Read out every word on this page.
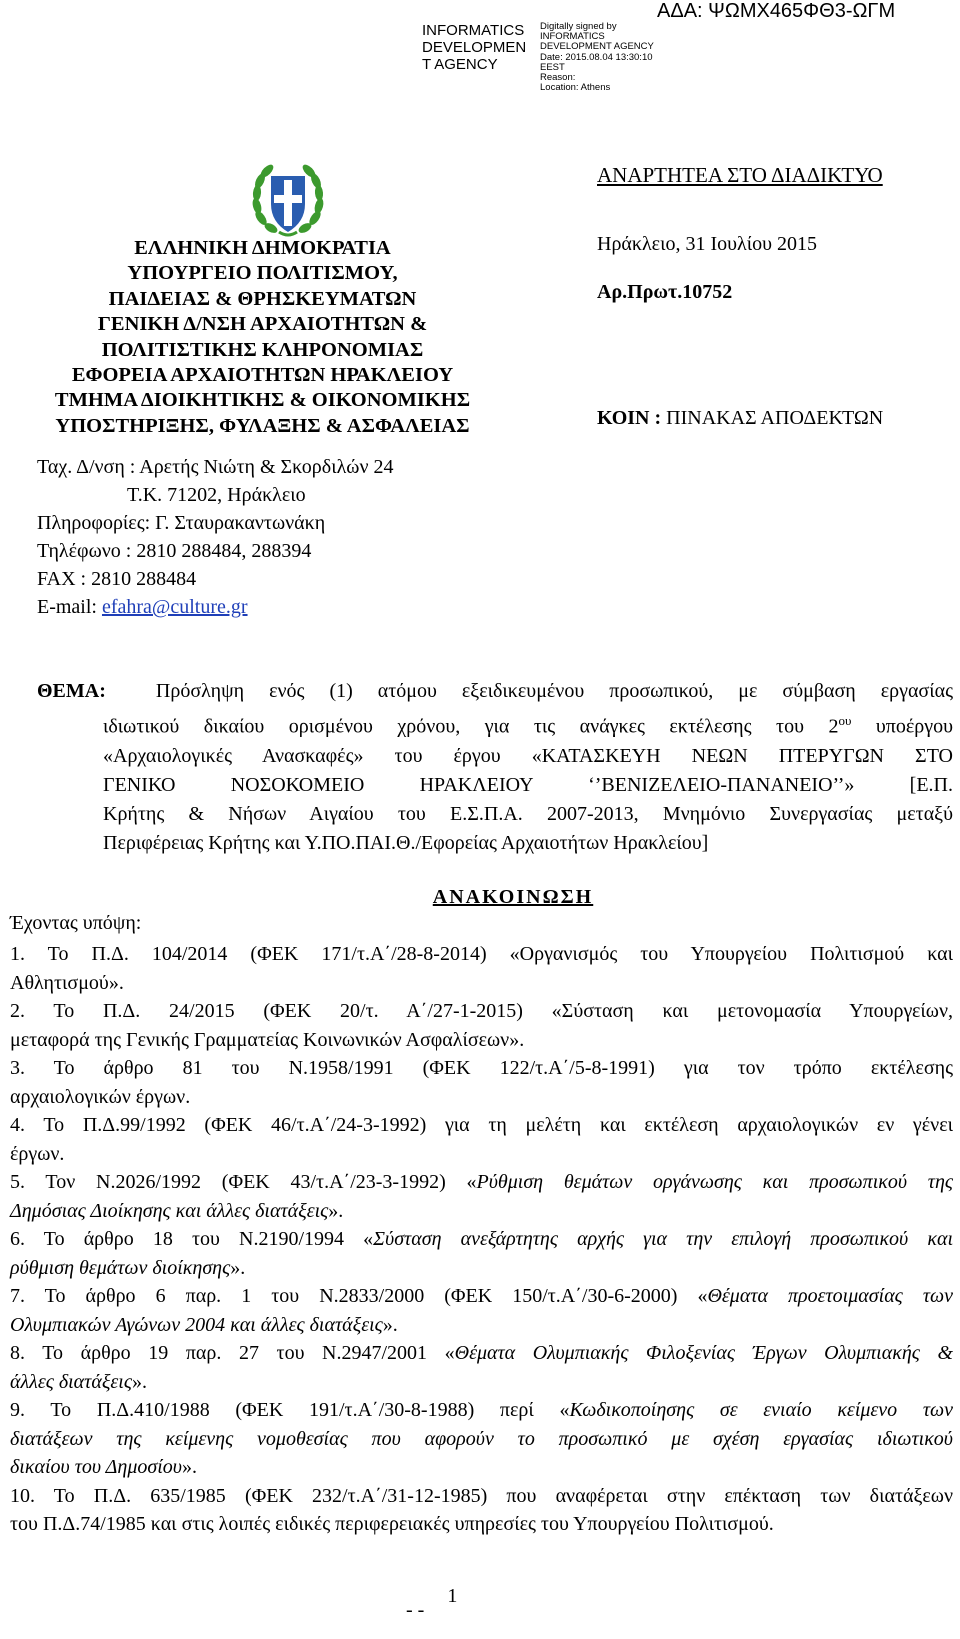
INFORMATICS
DEVELOPMEN
T AGENCY
Digitally signed by
INFORMATICS
DEVELOPMENT AGENCY
Date: 2015.08.04 13:30:10
EEST
Reason:
Location: Athens
ΑΔΑ: ΨΩΜΧ465ΦΘ3-ΩΓΜ
ΕΛΛΗΝΙΚΗ ΔΗΜΟΚΡΑΤΙΑ
ΥΠΟΥΡΓΕΙΟ ΠΟΛΙΤΙΣΜΟΥ,
ΠΑΙΔΕΙΑΣ & ΘΡΗΣΚΕΥΜΑΤΩΝ
ΓΕΝΙΚΗ Δ/ΝΣΗ ΑΡΧΑΙΟΤΗΤΩΝ &
ΠΟΛΙΤΙΣΤΙΚΗΣ ΚΛΗΡΟΝΟΜΙΑΣ
ΕΦΟΡΕΙΑ ΑΡΧΑΙΟΤΗΤΩΝ ΗΡΑΚΛΕΙΟΥ
ΤΜΗΜΑ ΔΙΟΙΚΗΤΙΚΗΣ & ΟΙΚΟΝΟΜΙΚΗΣ
ΥΠΟΣΤΗΡΙΞΗΣ, ΦΥΛΑΞΗΣ & ΑΣΦΑΛΕΙΑΣ
Ταχ. Δ/νση : Αρετής Νιώτη & Σκορδιλών 24
Τ.Κ. 71202, Ηράκλειο
Πληροφορίες: Γ. Σταυρακαντωνάκη
Τηλέφωνο : 2810 288484, 288394
FAX : 2810 288484
E-mail: efahra@culture.gr
ΑΝΑΡΤΗΤΕΑ ΣΤΟ ΔΙΑΔΙΚΤΥΟ
Ηράκλειο, 31 Ιουλίου 2015
Αρ.Πρωτ.10752
ΚΟΙΝ : ΠΙΝΑΚΑΣ ΑΠΟΔΕΚΤΩΝ
ΘΕΜΑ:	Πρόσληψη ενός (1) ατόμου εξειδικευμένου προσωπικού, με σύμβαση εργασίας
ιδιωτικού δικαίου ορισμένου χρόνου, για τις ανάγκες εκτέλεσης του $2^{o\upsilon}$ υποέργου
«Αρχαιολογικές Ανασκαφές» του έργου «ΚΑΤΑΣΚΕΥΗ ΝΕΩΝ ΠΤΕΡΥΓΩΝ ΣΤΟ
ΓΕΝΙΚΟ ΝΟΣΟΚΟΜΕΙΟ ΗΡΑΚΛΕΙΟΥ ‘’ΒΕΝΙΖΕΛΕΙΟ-ΠΑΝΑΝΕΙΟ’’» [Ε.Π.
Κρήτης & Νήσων Αιγαίου του Ε.Σ.Π.Α. 2007-2013, Μνημόνιο Συνεργασίας μεταξύ
Περιφέρειας Κρήτης και Υ.ΠΟ.ΠΑΙ.Θ./Εφορείας Αρχαιοτήτων Ηρακλείου]
ΑΝΑΚΟΙΝΩΣΗ
Έχοντας υπόψη:
1. Το Π.Δ. 104/2014 (ΦΕΚ 171/τ.Α΄/28-8-2014) «Οργανισμός του Υπουργείου Πολιτισμού και
Αθλητισμού».
2. Το Π.Δ. 24/2015 (ΦΕΚ 20/τ. Α΄/27-1-2015) «Σύσταση και μετονομασία Υπουργείων,
μεταφορά της Γενικής Γραμματείας Κοινωνικών Ασφαλίσεων».
3. Το άρθρο 81 του Ν.1958/1991 (ΦΕΚ 122/τ.Α΄/5-8-1991) για τον τρόπο εκτέλεσης
αρχαιολογικών έργων.
4. Το Π.Δ.99/1992 (ΦΕΚ 46/τ.Α΄/24-3-1992) για τη μελέτη και εκτέλεση αρχαιολογικών εν γένει
έργων.
5. Τον Ν.2026/1992 (ΦΕΚ 43/τ.Α΄/23-3-1992) «Ρύθμιση θεμάτων οργάνωσης και προσωπικού της
Δημόσιας Διοίκησης και άλλες διατάξεις».
6. Το άρθρο 18 του Ν.2190/1994 «Σύσταση ανεξάρτητης αρχής για την επιλογή προσωπικού και
ρύθμιση θεμάτων διοίκησης».
7. Το άρθρο 6 παρ. 1 του Ν.2833/2000 (ΦΕΚ 150/τ.Α΄/30-6-2000) «Θέματα προετοιμασίας των
Ολυμπιακών Αγώνων 2004 και άλλες διατάξεις».
8. Το άρθρο 19 παρ. 27 του Ν.2947/2001 «Θέματα Ολυμπιακής Φιλοξενίας Έργων Ολυμπιακής &
άλλες διατάξεις».
9. Το Π.Δ.410/1988 (ΦΕΚ 191/τ.Α΄/30-8-1988) περί «Κωδικοποίησης σε ενιαίο κείμενο των
διατάξεων της κείμενης νομοθεσίας που αφορούν το προσωπικό με σχέση εργασίας ιδιωτικού
δικαίου του Δημοσίου».
10. Το Π.Δ. 635/1985 (ΦΕΚ 232/τ.Α΄/31-12-1985) που αναφέρεται στην επέκταση των διατάξεων
του Π.Δ.74/1985 και στις λοιπές ειδικές περιφερειακές υπηρεσίες του Υπουργείου Πολιτισμού.
- - 1
